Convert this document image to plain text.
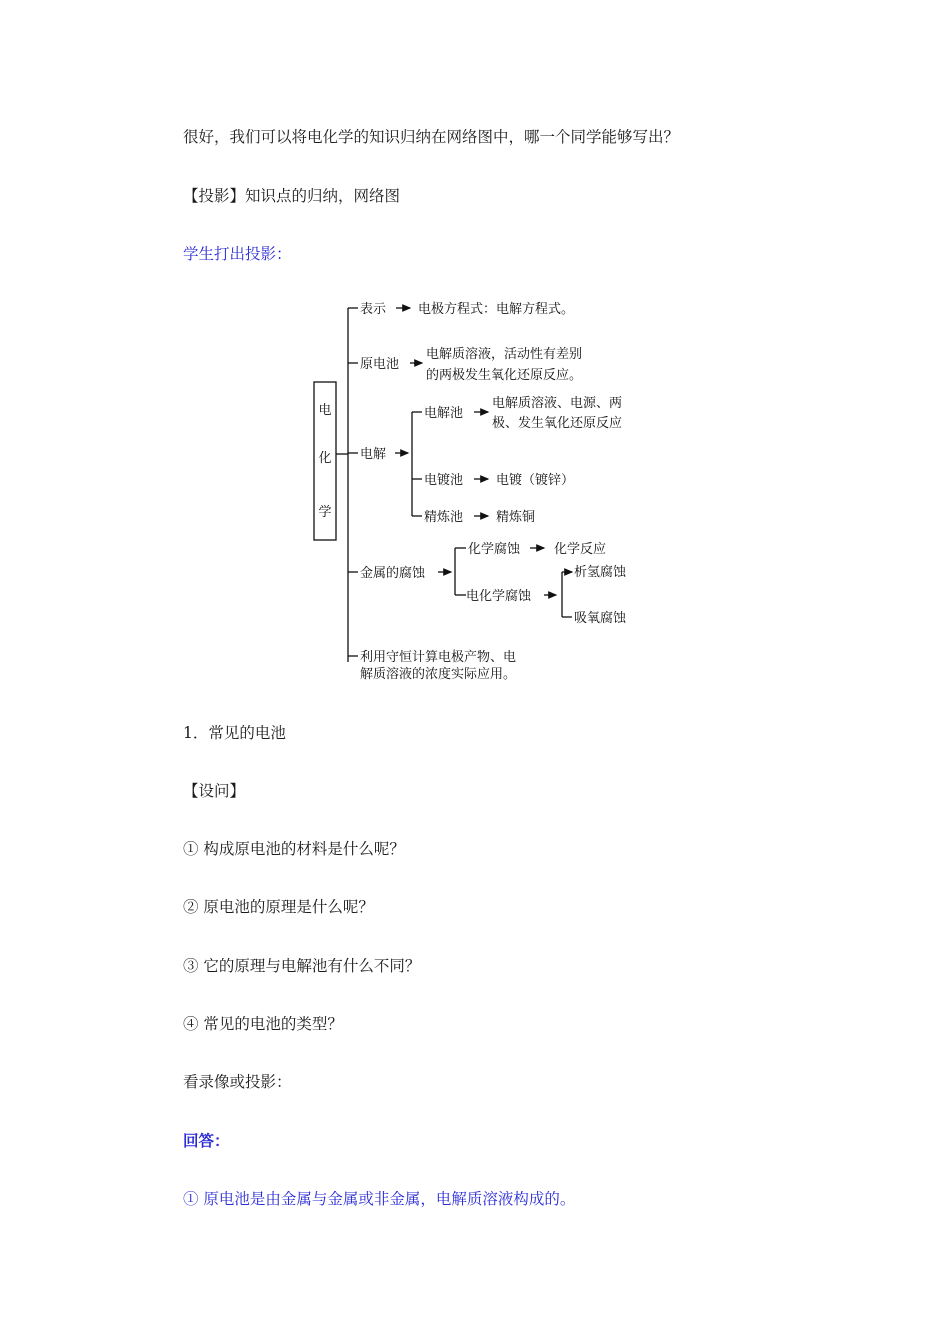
很好，我们可以将电化学的知识归纳在网络图中，哪一个同学能够写出？
【投影】知识点的归纳，网络图
学生打出投影：
电
化
学
表示 电极方程式：电解方程式。
原电池
电解质溶液，活动性有差别
的两极发生氧化还原反应。
电解
电解池
电解质溶液、电源、两
极、发生氧化还原反应
电镀池	电镀（镀锌）
精炼池	精炼铜
金属的腐蚀
化学腐蚀	化学反应
电化学腐蚀
析氢腐蚀
吸氧腐蚀
利用守恒计算电极产物、电
解质溶液的浓度实际应用。
1．常见的电池
【设问】
① 构成原电池的材料是什么呢？
② 原电池的原理是什么呢？
③ 它的原理与电解池有什么不同？
④ 常见的电池的类型？
看录像或投影：
回答：
① 原电池是由金属与金属或非金属，电解质溶液构成的。
